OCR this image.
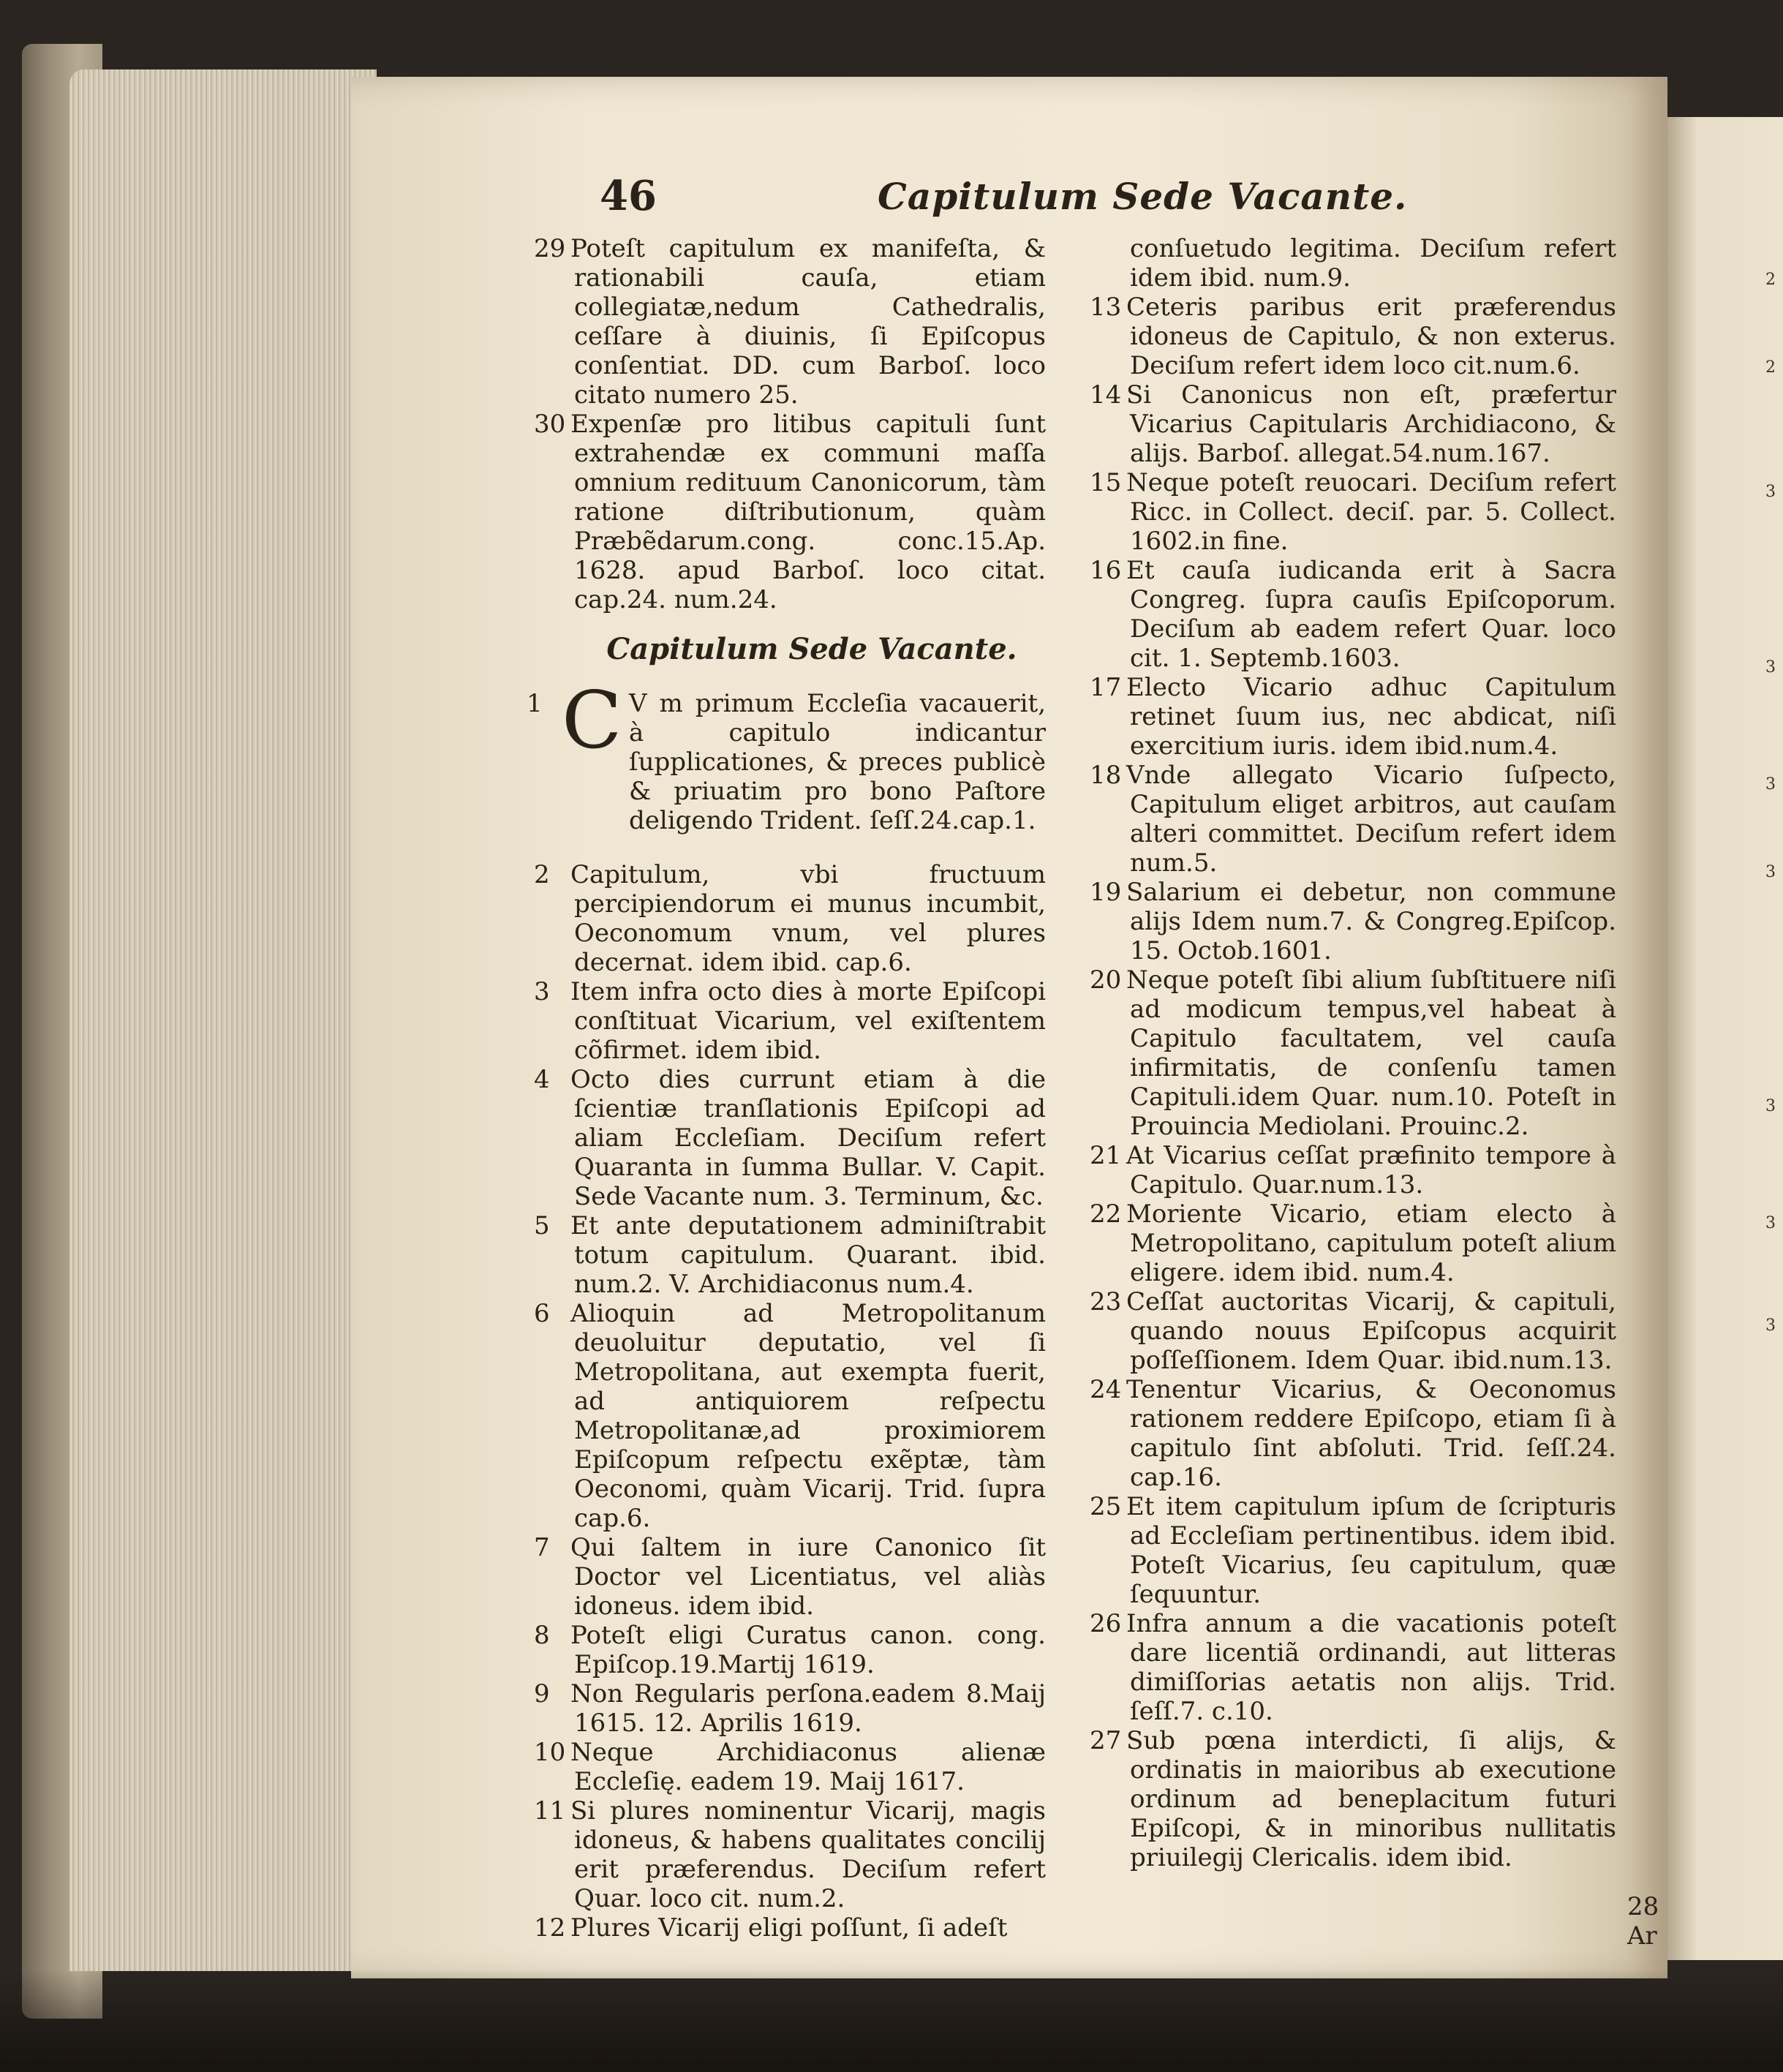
2
2
3
3
3
3
3
3
3
46	Capitulum Sede Vacante.

29 Poteſt capitulum ex manifeſta, & rationabili cauſa, etiam collegiatæ,nedum Cathedralis, ceſſare à diuinis, ſi Epiſcopus conſentiat. DD. cum Barboſ. loco citato numero 25.

30 Expenſæ pro litibus capituli ſunt extrahendæ ex communi maſſa omnium redituum Canonicorum, tàm ratione diſtributionum, quàm Præbẽdarum.cong. conc.15.Ap. 1628. apud Barboſ. loco citat. cap.24. num.24.

Capitulum Sede Vacante.

1 C V m primum Eccleſia vacauerit, à capitulo indicantur ſupplicationes, & preces publicè & priuatim pro bono Paſtore deligendo Trident. ſeſſ.24.cap.1.

2 Capitulum, vbi fructuum percipiendorum ei munus incumbit, Oeconomum vnum, vel plures decernat. idem ibid. cap.6.

3 Item infra octo dies à morte Epiſcopi conſtituat Vicarium, vel exiſtentem cõfirmet. idem ibid.

4 Octo dies currunt etiam à die ſcientiæ tranſlationis Epiſcopi ad aliam Eccleſiam. Deciſum refert Quaranta in ſumma Bullar. V. Capit. Sede Vacante num. 3. Terminum, &c.

5 Et ante deputationem adminiſtrabit totum capitulum. Quarant. ibid. num.2. V. Archidiaconus num.4.

6 Alioquin ad Metropolitanum deuoluitur deputatio, vel ſi Metropolitana, aut exempta fuerit, ad antiquiorem reſpectu Metropolitanæ,ad proximiorem Epiſcopum reſpectu exẽptæ, tàm Oeconomi, quàm Vicarij. Trid. ſupra cap.6.

7 Qui ſaltem in iure Canonico ſit Doctor vel Licentiatus, vel aliàs idoneus. idem ibid.

8 Poteſt eligi Curatus canon. cong. Epiſcop.19.Martij 1619.

9 Non Regularis perſona.eadem 8.Maij 1615. 12. Aprilis 1619.

10 Neque Archidiaconus alienæ Eccleſię. eadem 19. Maij 1617.

11 Si plures nominentur Vicarij, magis idoneus, & habens qualitates concilij erit præferendus. Deciſum refert Quar. loco cit. num.2.

12 Plures Vicarij eligi poſſunt, ſi adeſt

conſuetudo legitima. Deciſum refert idem ibid. num.9.

13 Ceteris paribus erit præferendus idoneus de Capitulo, & non exterus. Deciſum refert idem loco cit.num.6.

14 Si Canonicus non eſt, præfertur Vicarius Capitularis Archidiacono, & aliјs. Barboſ. allegat.54.num.167.

15 Neque poteſt reuocari. Deciſum refert Ricc. in Collect. deciſ. par. 5. Collect. 1602.in fine.

16 Et cauſa iudicanda erit à Sacra Congreg. ſupra cauſis Epiſcoporum. Deciſum ab eadem refert Quar. loco cit. 1. Septemb.1603.

17 Electo Vicario adhuc Capitulum retinet ſuum ius, nec abdicat, niſi exercitium iuris. idem ibid.num.4.

18 Vnde allegato Vicario ſuſpecto, Capitulum eliget arbitros, aut cauſam alteri committet. Deciſum refert idem num.5.

19 Salarium ei debetur, non commune aliјs Idem num.7. & Congreg.Epiſcop. 15. Octob.1601.

20 Neque poteſt ſibi alium ſubſtituere niſi ad modicum tempus,vel habeat à Capitulo facultatem, vel cauſa infirmitatis, de conſenſu tamen Capituli.idem Quar. num.10. Poteſt in Prouincia Mediolani. Prouinc.2.

21 At Vicarius ceſſat præfinito tempore à Capitulo. Quar.num.13.

22 Moriente Vicario, etiam electo à Metropolitano, capitulum poteſt alium eligere. idem ibid. num.4.

23 Ceſſat auctoritas Vicarij, & capituli, quando nouus Epiſcopus acquirit poſſeſſionem. Idem Quar. ibid.num.13.

24 Tenentur Vicarius, & Oeconomus rationem reddere Epiſcopo, etiam ſi à capitulo ſint abſoluti. Trid. ſeſſ.24. cap.16.

25 Et item capitulum ipſum de ſcripturis ad Eccleſiam pertinentibus. idem ibid. Poteſt Vicarius, ſeu capitulum, quæ ſequuntur.

26 Infra annum a die vacationis poteſt dare licentiã ordinandi, aut litteras dimiſſorias aetatis non aliјs. Trid. ſeſſ.7. c.10.

27 Sub pœna interdicti, ſi aliјs, & ordinatis in maioribus ab executione ordinum ad beneplacitum futuri Epiſcopi, & in minoribus nullitatis priuilegij Clericalis. idem ibid.

28 Ar
